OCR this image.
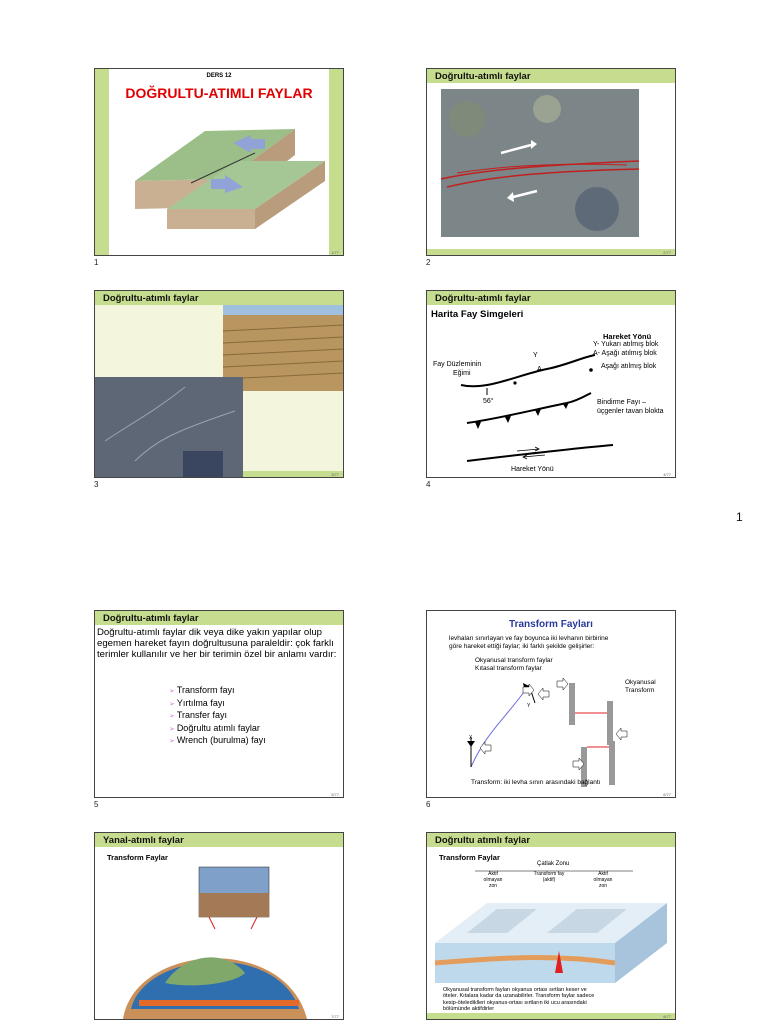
DERS 12
DOĞRULTU-ATIMLI FAYLAR
1/77
1
Doğrultu-atımlı faylar
2/77
2
Doğrultu-atımlı faylar
3/77
3
Doğrultu-atımlı faylar
Harita Fay Simgeleri
Hareket Yönü
Y- Yukarı atılmış blok
A- Aşağı atılmış blok
Aşağı atılmış blok
Fay Düzleminin
Eğimi
Bindirme Fayı –
üçgenler tavan blokta
56°
Y
A
Hareket Yönü
4/77
4
1
Doğrultu-atımlı faylar
Doğrultu-atımlı faylar dik veya dike yakın yapılar olup egemen hareket fayın doğrultusuna paraleldir: çok farklı terimler kullanılır ve her bir terimin özel bir anlamı vardır:
➢ Transform fayı
➢ Yırtılma fayı
➢ Transfer fayı
➢ Doğrultu atımlı faylar
➢ Wrench (burulma) fayı
5/77
5
Transform Fayları
levhaları sınırlayan ve fay boyunca iki levhanın birbirine
göre hareket ettiği faylar; iki farklı şekilde gelişirler:
Okyanusal transform faylar
Kıtasal transform faylar
Okyanusal
Transform
Y
X
Transform: iki levha sınırı arasındaki bağlantı
6/77
6
Yanal-atımlı faylar
Transform Faylar
7/77
Doğrultu atımlı faylar
Transform Faylar
Çatlak Zonu
Aktif
olmayan
zon
Transform fay
(aktif)
Aktif
olmayan
zon
Okyanusal transform fayları okyanus ortası sırtları keser ve
öteler. Kıtalara kadar da uzanabilirler. Transform faylar sadece
kesip-ötelediklleri okyanus-ortası sırtların iki ucu arasındaki
bölümünde aktifdirler
8/77
